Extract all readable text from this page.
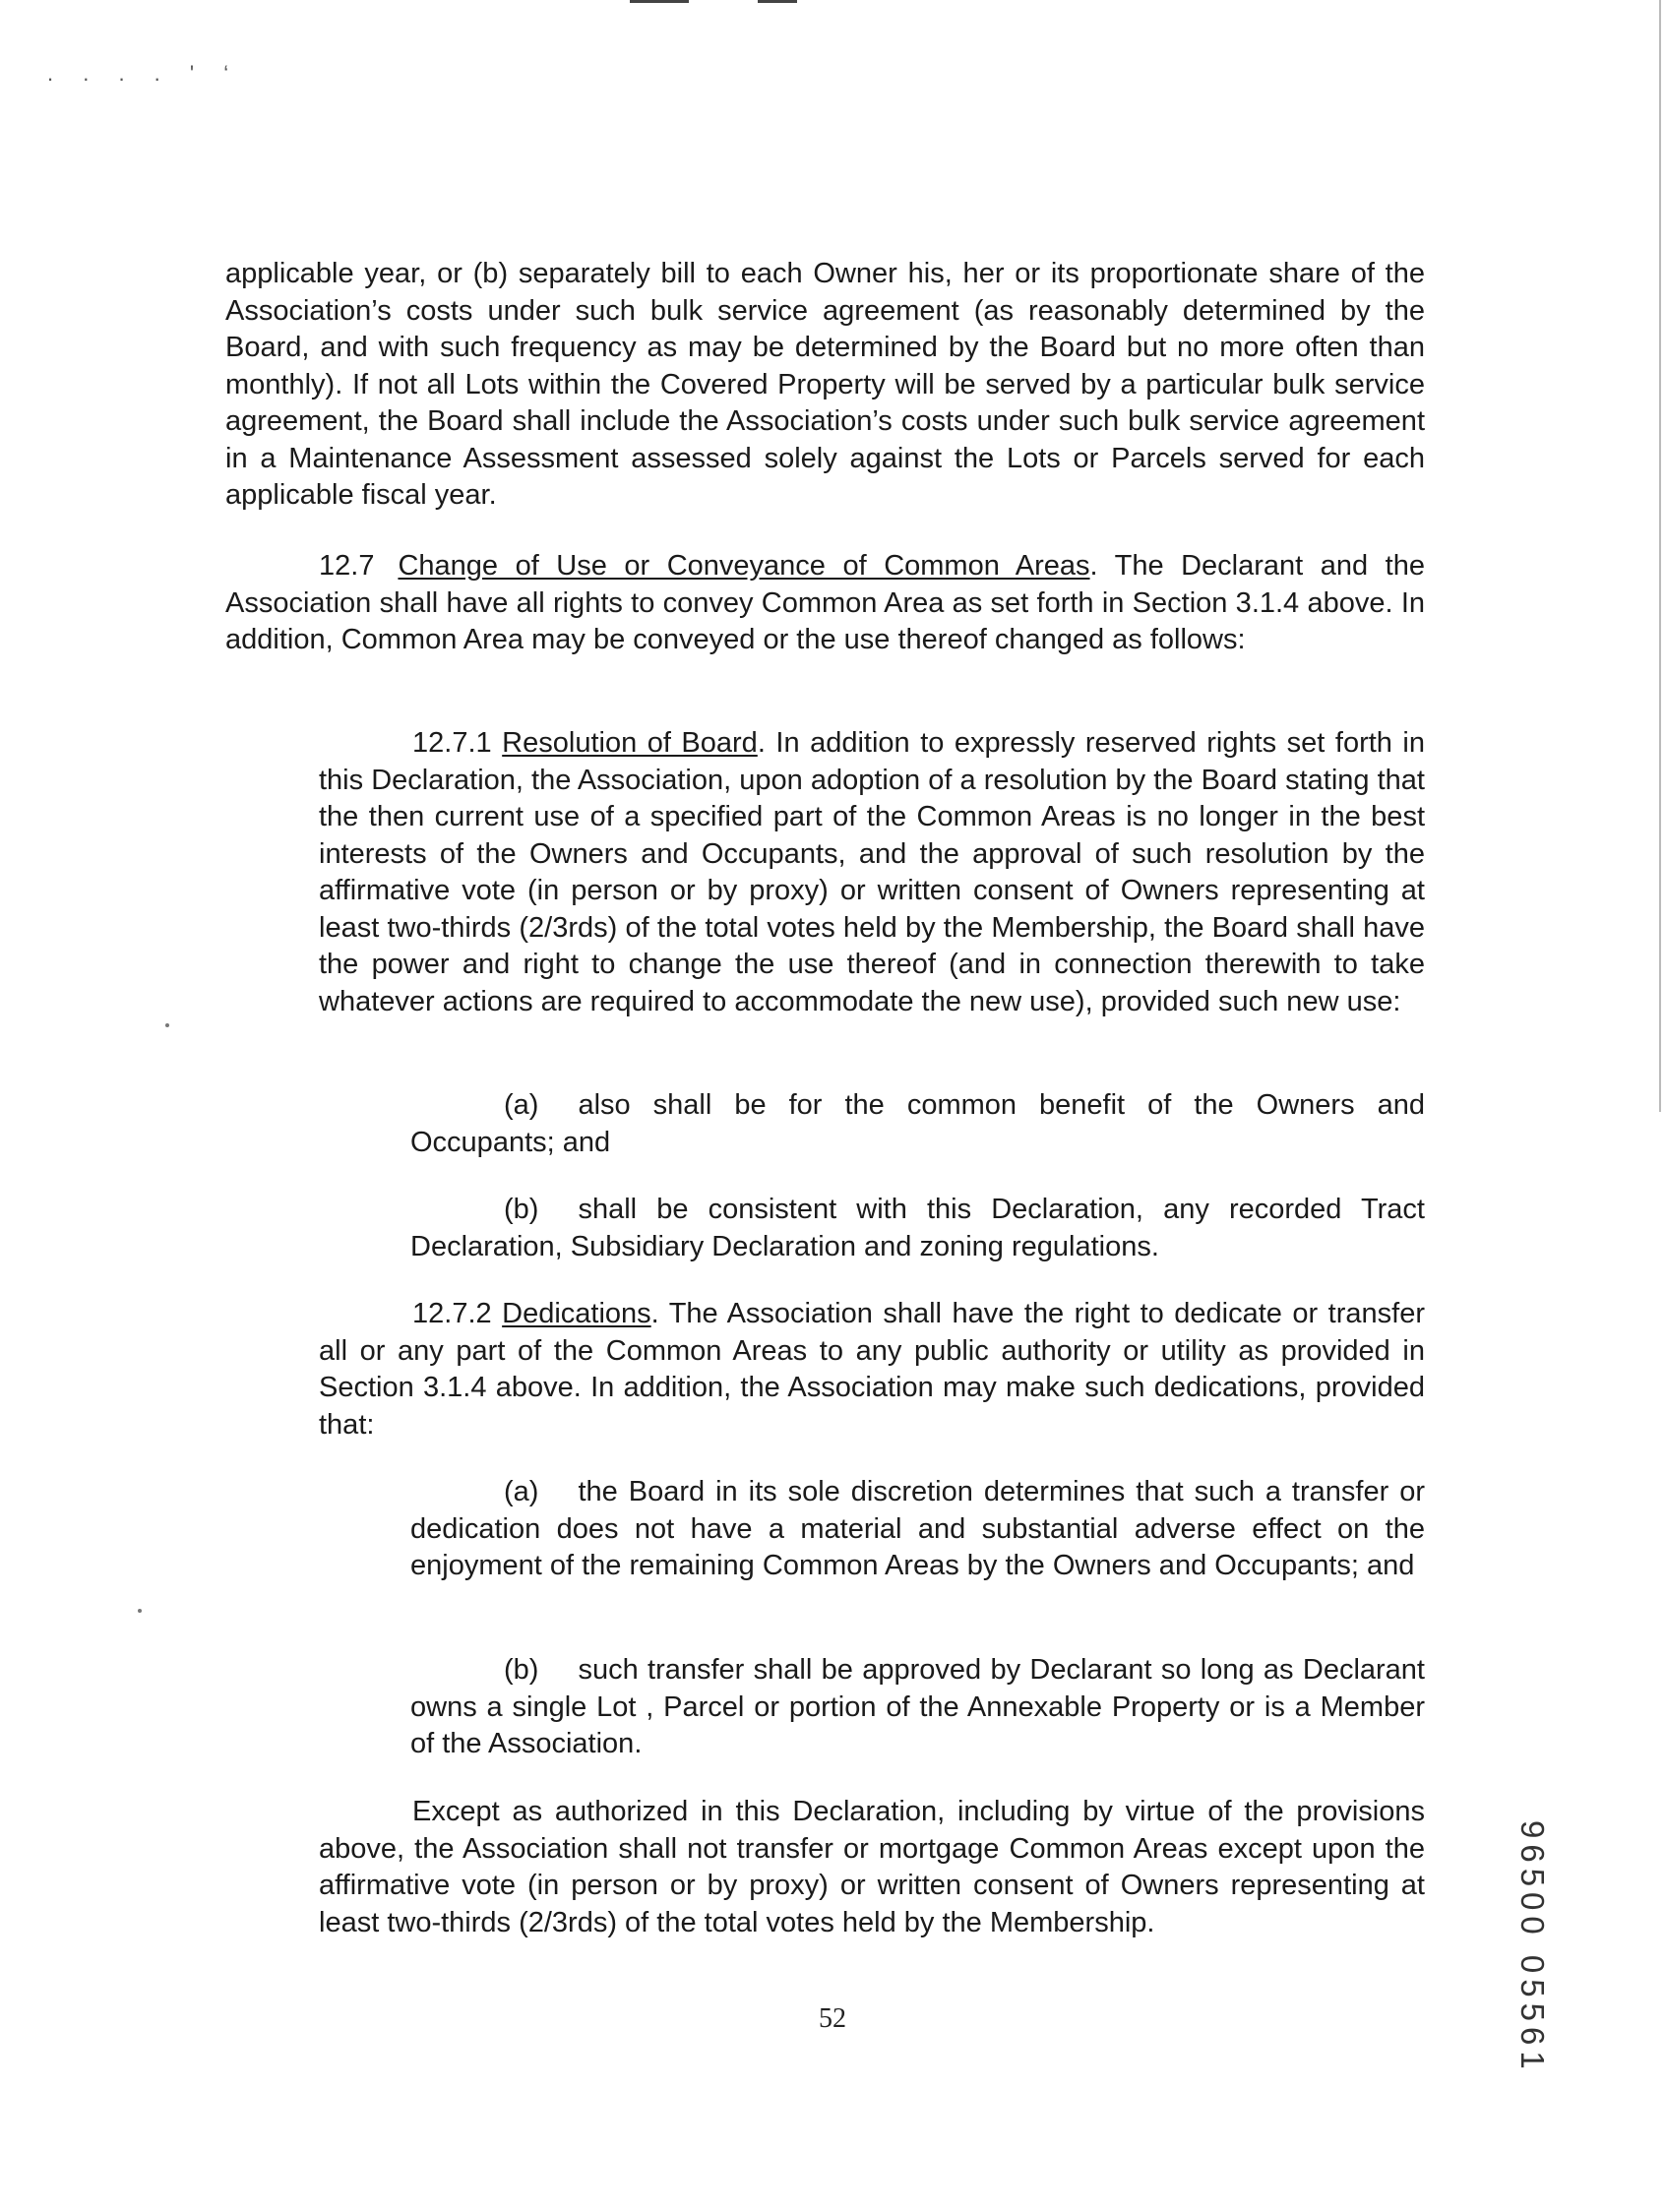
. . . . ' ‘

applicable year, or (b) separately bill to each Owner his, her or its proportionate share of the Association’s costs under such bulk service agreement (as reasonably determined by the Board, and with such frequency as may be determined by the Board but no more often than monthly). If not all Lots within the Covered Property will be served by a particular bulk service agreement, the Board shall include the Association’s costs under such bulk service agreement in a Maintenance Assessment assessed solely against the Lots or Parcels served for each applicable fiscal year.

12.7 Change of Use or Conveyance of Common Areas. The Declarant and the Association shall have all rights to convey Common Area as set forth in Section 3.1.4 above. In addition, Common Area may be conveyed or the use thereof changed as follows:

12.7.1 Resolution of Board. In addition to expressly reserved rights set forth in this Declaration, the Association, upon adoption of a resolution by the Board stating that the then current use of a specified part of the Common Areas is no longer in the best interests of the Owners and Occupants, and the approval of such resolution by the affirmative vote (in person or by proxy) or written consent of Owners representing at least two-thirds (2/3rds) of the total votes held by the Membership, the Board shall have the power and right to change the use thereof (and in connection therewith to take whatever actions are required to accommodate the new use), provided such new use:

(a) also shall be for the common benefit of the Owners and Occupants; and

(b) shall be consistent with this Declaration, any recorded Tract Declaration, Subsidiary Declaration and zoning regulations.

12.7.2 Dedications. The Association shall have the right to dedicate or transfer all or any part of the Common Areas to any public authority or utility as provided in Section 3.1.4 above. In addition, the Association may make such dedications, provided that:

(a) the Board in its sole discretion determines that such a transfer or dedication does not have a material and substantial adverse effect on the enjoyment of the remaining Common Areas by the Owners and Occupants; and

(b) such transfer shall be approved by Declarant so long as Declarant owns a single Lot , Parcel or portion of the Annexable Property or is a Member of the Association.

Except as authorized in this Declaration, including by virtue of the provisions above, the Association shall not transfer or mortgage Common Areas except upon the affirmative vote (in person or by proxy) or written consent of Owners representing at least two-thirds (2/3rds) of the total votes held by the Membership.

52	96500 05561
